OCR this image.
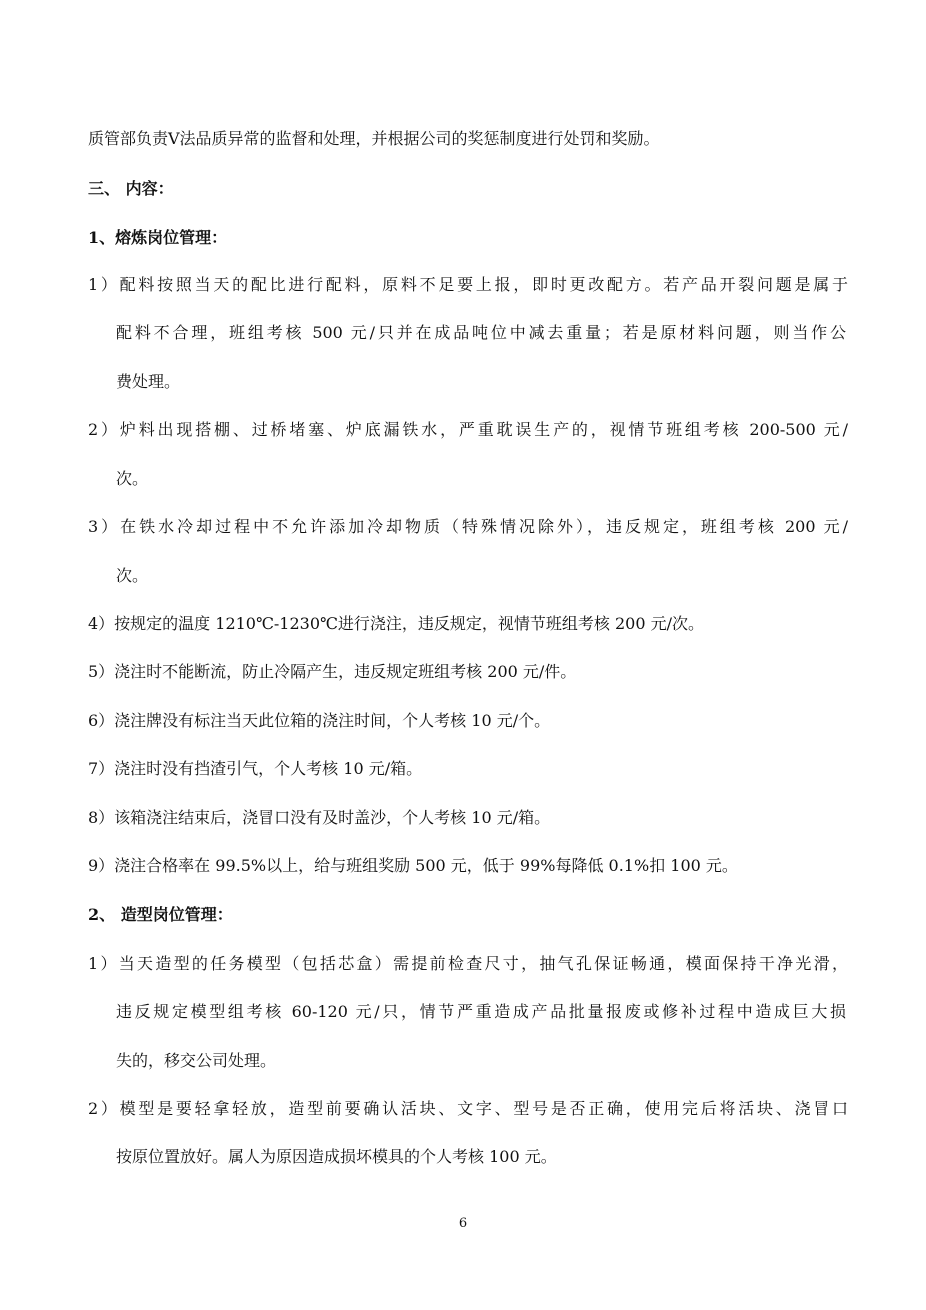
质管部负责V法品质异常的监督和处理，并根据公司的奖惩制度进行处罚和奖励。
三、 内容：
1、熔炼岗位管理：
1）配料按照当天的配比进行配料，原料不足要上报，即时更改配方。若产品开裂问题是属于
配料不合理，班组考核 500 元/只并在成品吨位中减去重量；若是原材料问题，则当作公
费处理。
2）炉料出现搭棚、过桥堵塞、炉底漏铁水，严重耽误生产的，视情节班组考核 200-500 元/
次。
3）在铁水冷却过程中不允许添加冷却物质（特殊情况除外），违反规定，班组考核 200 元/
次。
4）按规定的温度 1210℃-1230℃进行浇注，违反规定，视情节班组考核 200 元/次。
5）浇注时不能断流，防止冷隔产生，违反规定班组考核 200 元/件。
6）浇注牌没有标注当天此位箱的浇注时间，个人考核 10 元/个。
7）浇注时没有挡渣引气，个人考核 10 元/箱。
8）该箱浇注结束后，浇冒口没有及时盖沙，个人考核 10 元/箱。
9）浇注合格率在 99.5%以上，给与班组奖励 500 元，低于 99%每降低 0.1%扣 100 元。
2、 造型岗位管理：
1）当天造型的任务模型（包括芯盒）需提前检查尺寸，抽气孔保证畅通，模面保持干净光滑，
违反规定模型组考核 60-120 元/只，情节严重造成产品批量报废或修补过程中造成巨大损
失的，移交公司处理。
2）模型是要轻拿轻放，造型前要确认活块、文字、型号是否正确，使用完后将活块、浇冒口
按原位置放好。属人为原因造成损坏模具的个人考核 100 元。
6
